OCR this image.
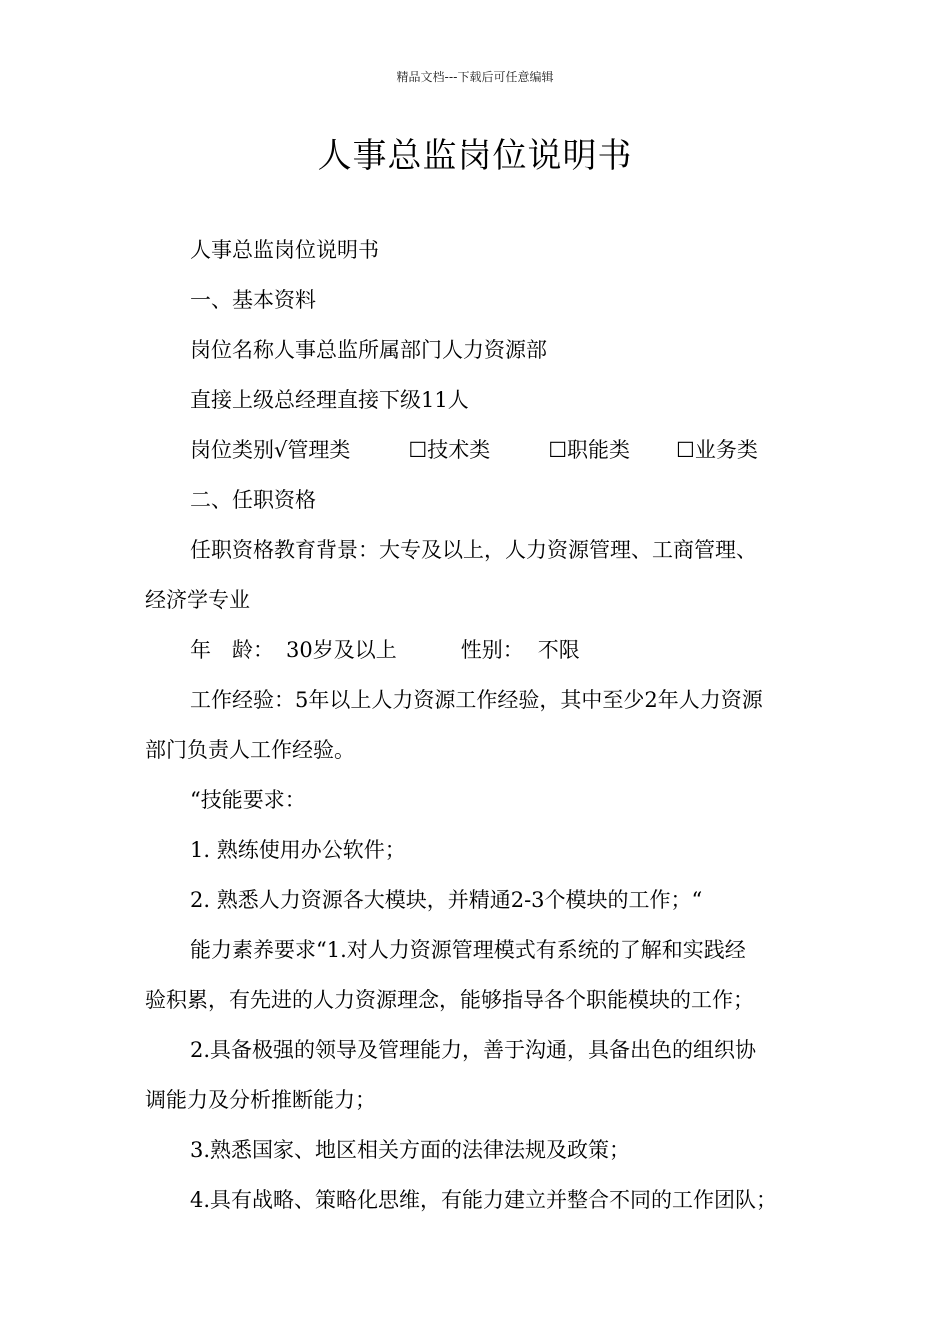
精品文档---下载后可任意编辑
人事总监岗位说明书
人事总监岗位说明书
一、基本资料
岗位名称人事总监所属部门人力资源部
直接上级总经理直接下级11人
岗位类别√管理类	☐技术类	☐职能类 ☐业务类
二、任职资格
任职资格教育背景：大专及以上，人力资源管理、工商管理、
经济学专业
年　龄： 30岁及以上	性别： 不限
工作经验：5年以上人力资源工作经验，其中至少2年人力资源
部门负责人工作经验。
“技能要求：
1. 熟练使用办公软件；
2. 熟悉人力资源各大模块，并精通2-3个模块的工作；“
能力素养要求“1.对人力资源管理模式有系统的了解和实践经
验积累，有先进的人力资源理念，能够指导各个职能模块的工作；
2.具备极强的领导及管理能力，善于沟通，具备出色的组织协
调能力及分析推断能力；
3.熟悉国家、地区相关方面的法律法规及政策；
4.具有战略、策略化思维，有能力建立并整合不同的工作团队；
